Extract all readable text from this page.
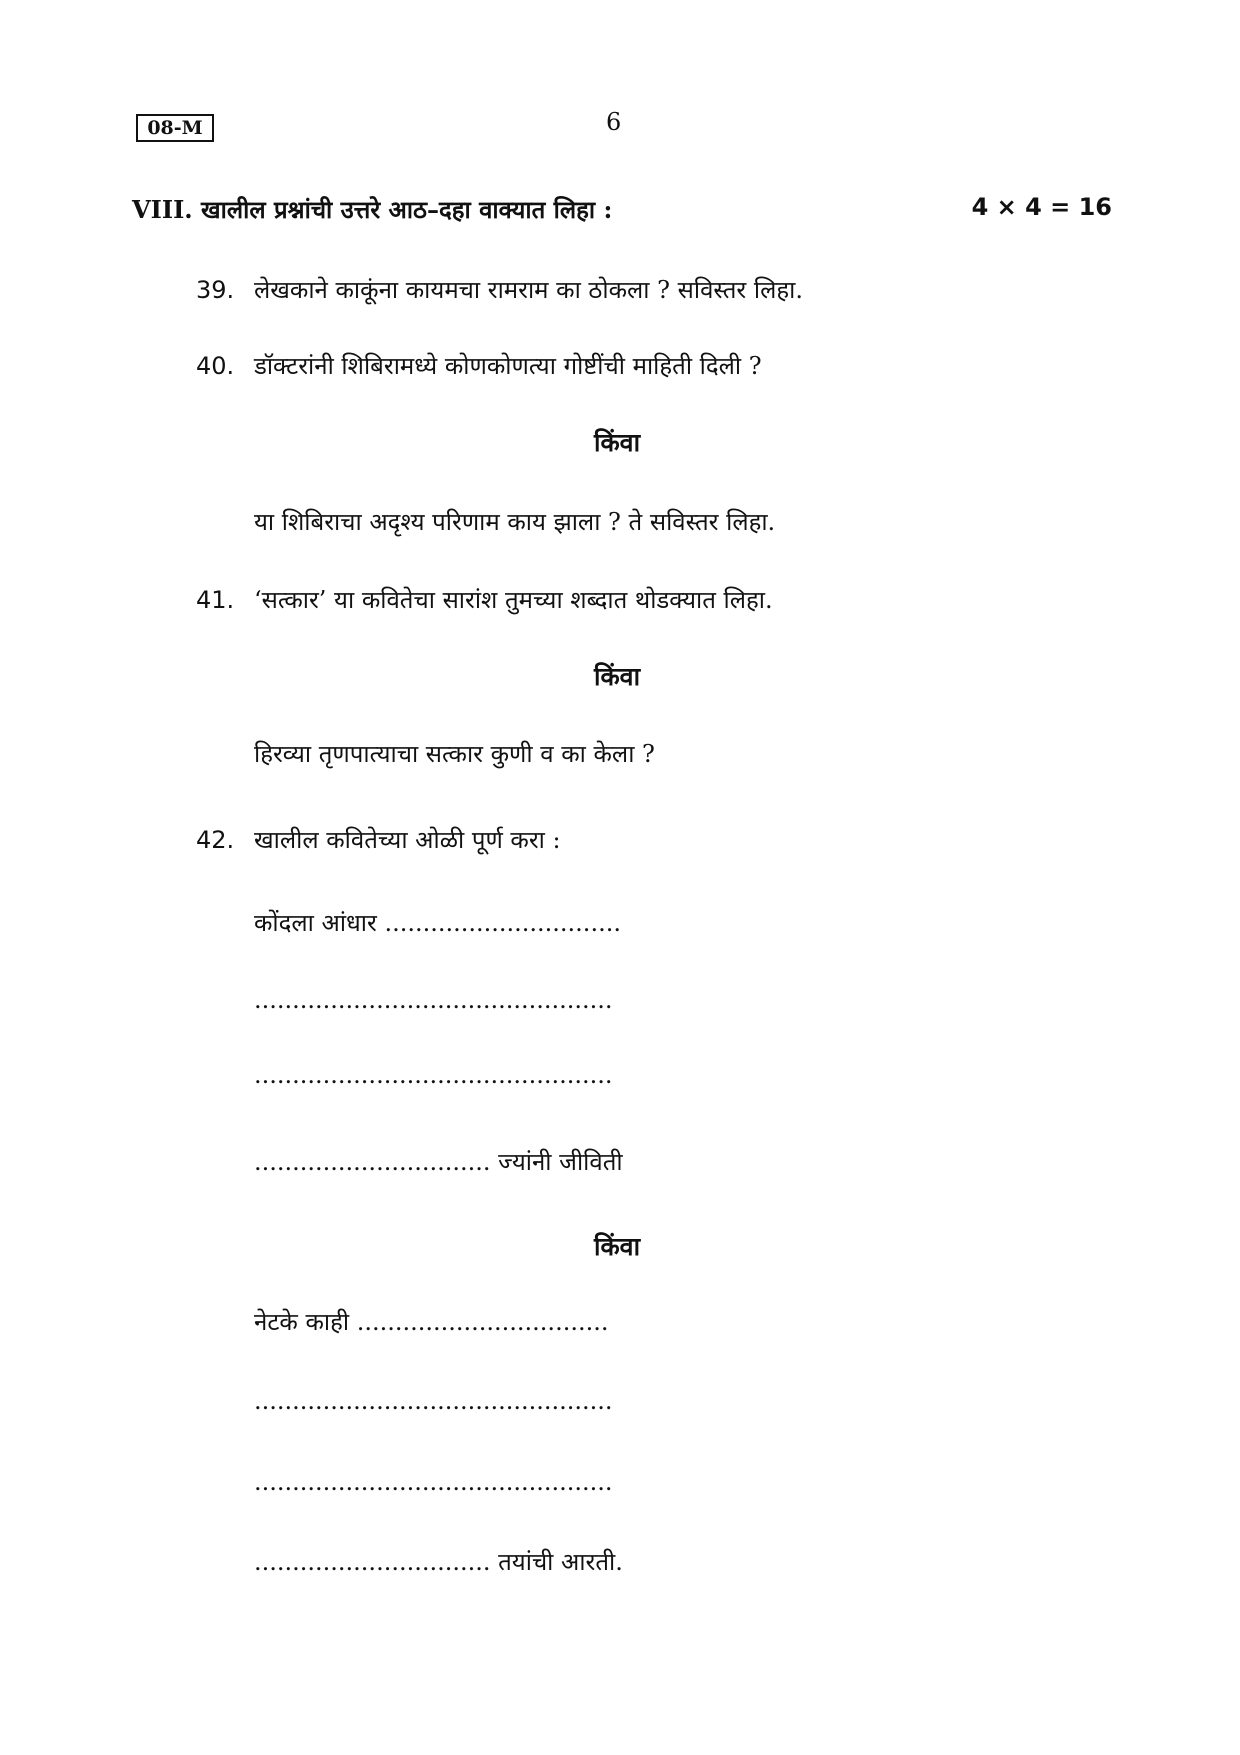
08-M	6
VIII. खालील प्रश्नांची उत्तरे आठ–दहा वाक्यात लिहा :	4 × 4 = 16
39. लेखकाने काकूंना कायमचा रामराम का ठोकला ? सविस्तर लिहा.
40. डॉक्टरांनी शिबिरामध्ये कोणकोणत्या गोष्टींची माहिती दिली ?
किंवा
या शिबिराचा अदृश्य परिणाम काय झाला ? ते सविस्तर लिहा.
41. ‘सत्कार’ या कवितेचा सारांश तुमच्या शब्दात थोडक्यात लिहा.
किंवा
हिरव्या तृणपात्याचा सत्कार कुणी व का केला ?
42. खालील कवितेच्या ओळी पूर्ण करा :
कोंदला आंधार ...............................
...............................................
...............................................
............................... ज्यांनी जीविती
किंवा
नेटके काही .................................
...............................................
...............................................
............................... तयांची आरती.
